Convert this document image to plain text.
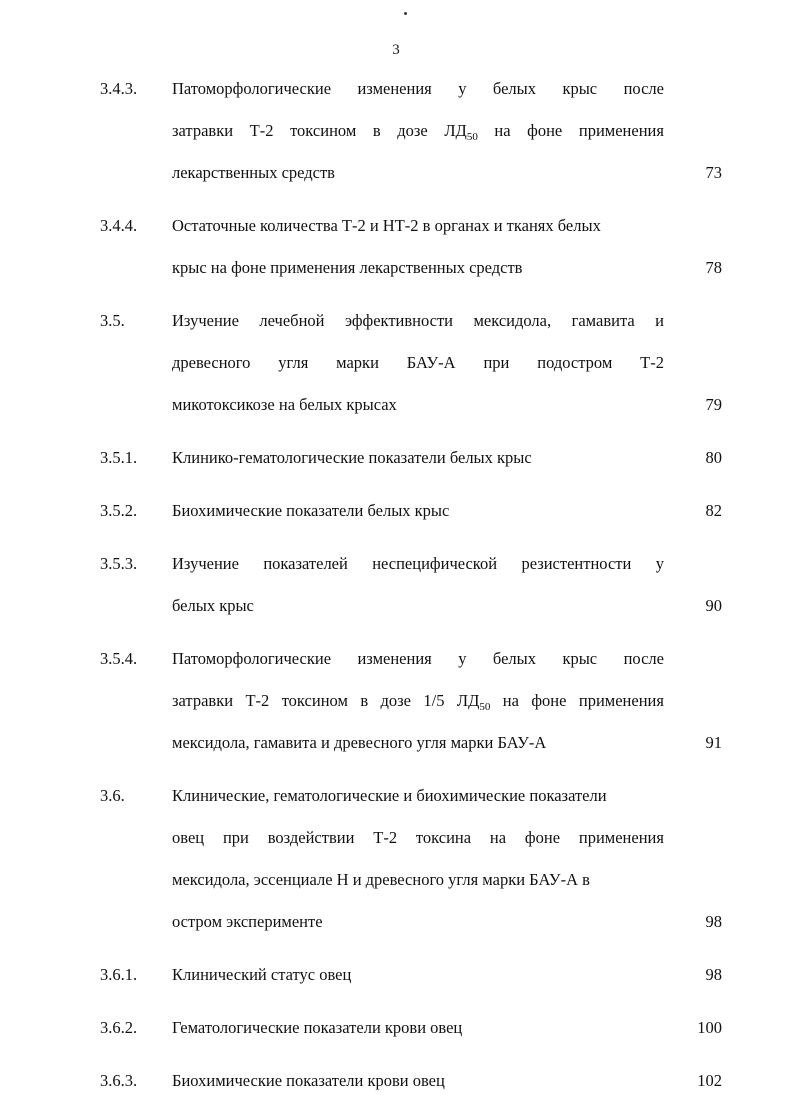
3
3.4.3.	Патоморфологические изменения у белых крыс после
затравки Т-2 токсином в дозе $ЛД_{50}$ на фоне применения
лекарственных средств	73
3.4.4.	Остаточные количества Т-2 и НТ-2 в органах и тканях белых
крыс на фоне применения лекарственных средств	78
3.5.	Изучение лечебной эффективности мексидола, гамавита и
древесного угля марки БАУ-А при подостром Т-2
микотоксикозе на белых крысах	79
3.5.1.	Клинико-гематологические показатели белых крыс	80
3.5.2.	Биохимические показатели белых крыс	82
3.5.3.	Изучение показателей неспецифической резистентности у
белых крыс	90
3.5.4.	Патоморфологические изменения у белых крыс после
затравки Т-2 токсином в дозе 1/5 $ЛД_{50}$ на фоне применения
мексидола, гамавита и древесного угля марки БАУ-А	91
3.6.	Клинические, гематологические и биохимические показатели
овец при воздействии Т-2 токсина на фоне применения
мексидола, эссенциале Н и древесного угля марки БАУ-А в
остром эксперименте	98
3.6.1.	Клинический статус овец	98
3.6.2.	Гематологические показатели крови овец	100
3.6.3.	Биохимические показатели крови овец	102
